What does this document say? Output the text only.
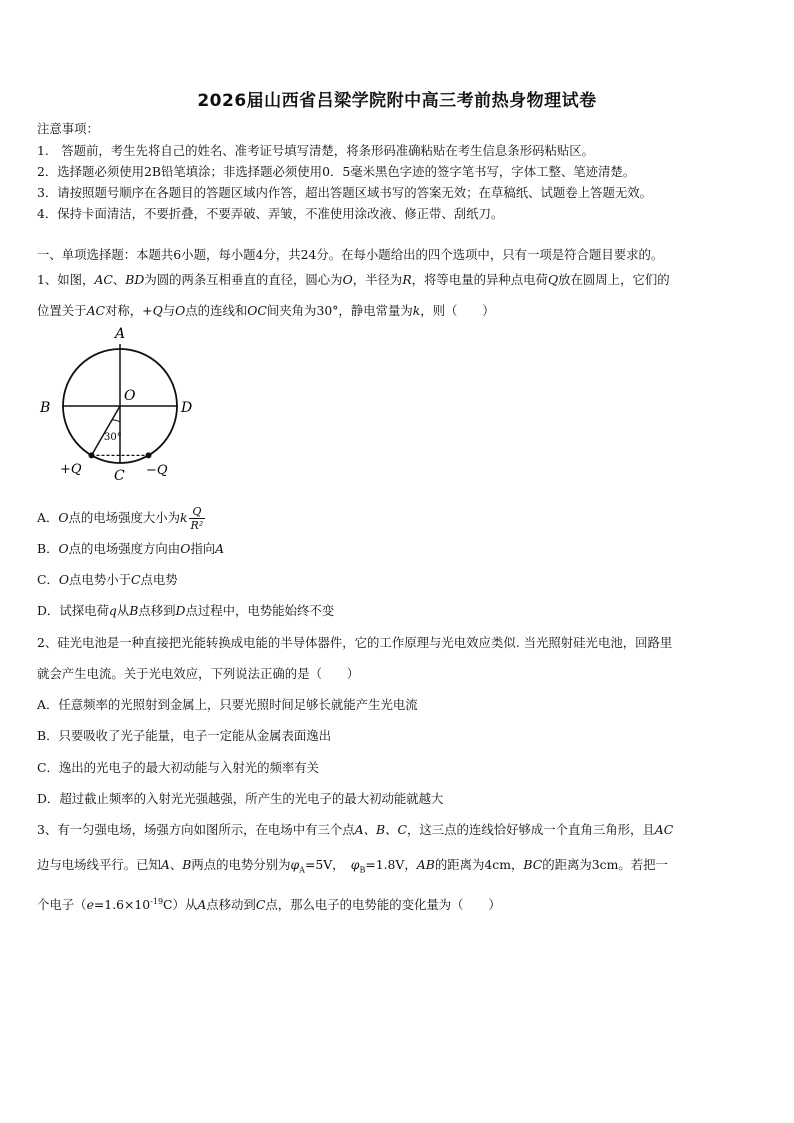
2026届山西省吕梁学院附中高三考前热身物理试卷
注意事项：
1.　答题前，考生先将自己的姓名、准考证号填写清楚，将条形码准确粘贴在考生信息条形码粘贴区。
2．选择题必须使用2B铅笔填涂；非选择题必须使用0．5毫米黑色字迹的签字笔书写，字体工整、笔迹清楚。
3．请按照题号顺序在各题目的答题区域内作答，超出答题区域书写的答案无效；在草稿纸、试题卷上答题无效。
4．保持卡面清洁，不要折叠，不要弄破、弄皱，不准使用涂改液、修正带、刮纸刀。
一、单项选择题：本题共6小题，每小题4分，共24分。在每小题给出的四个选项中，只有一项是符合题目要求的。
1、如图，AC、BD为圆的两条互相垂直的直径，圆心为O，半径为R，将等电量的异种点电荷Q放在圆周上，它们的
位置关于AC对称，+Q与O点的连线和OC间夹角为30°，静电常量为k，则（　　）
A
B	D
O
C
30°
+Q	−Q
A．O点的电场强度大小为k $\frac{Q}{\text{R²}}$
B．O点的电场强度方向由O指向A
C．O点电势小于C点电势
D．试探电荷q从B点移到D点过程中，电势能始终不变
2、硅光电池是一种直接把光能转换成电能的半导体器件，它的工作原理与光电效应类似. 当光照射硅光电池，回路里
就会产生电流。关于光电效应，下列说法正确的是（　　）
A．任意频率的光照射到金属上，只要光照时间足够长就能产生光电流
B．只要吸收了光子能量，电子一定能从金属表面逸出
C．逸出的光电子的最大初动能与入射光的频率有关
D．超过截止频率的入射光光强越强，所产生的光电子的最大初动能就越大
3、有一匀强电场，场强方向如图所示，在电场中有三个点A、B、C，这三点的连线恰好够成一个直角三角形，且AC
边与电场线平行。已知A、B两点的电势分别为$\varphi_A=5V$，　 $\varphi_B=1.8V$，AB的距离为4cm，BC的距离为3cm。若把一
个电子$(e=1.6\times 10^{-19}C)$从A点移动到C点，那么电子的电势能的变化量为（　　）
